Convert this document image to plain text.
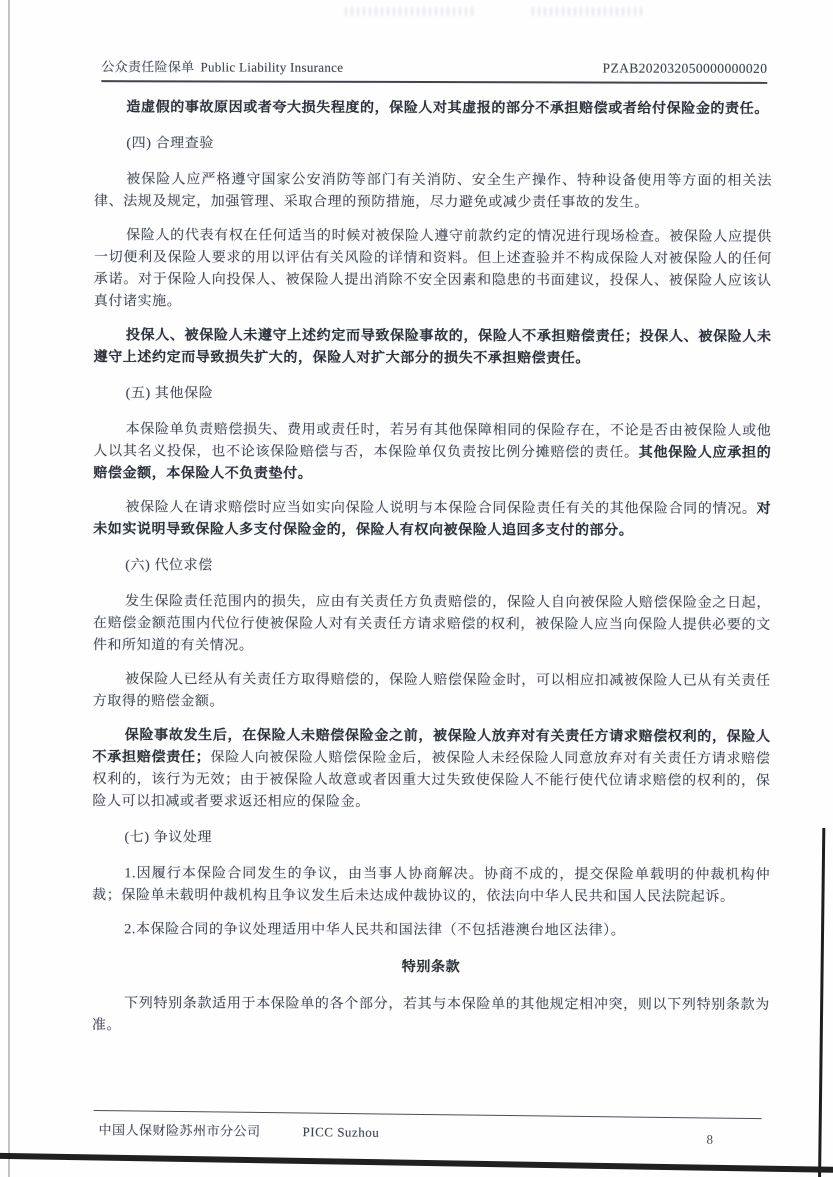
公众责任险保单 Public Liability Insurance	PZAB202032050000000020
造虚假的事故原因或者夸大损失程度的，保险人对其虚报的部分不承担赔偿或者给付保险金的责任。
(四) 合理查验
被保险人应严格遵守国家公安消防等部门有关消防、安全生产操作、特种设备使用等方面的相关法律、法规及规定，加强管理、采取合理的预防措施，尽力避免或减少责任事故的发生。
保险人的代表有权在任何适当的时候对被保险人遵守前款约定的情况进行现场检查。被保险人应提供一切便利及保险人要求的用以评估有关风险的详情和资料。但上述查验并不构成保险人对被保险人的任何承诺。对于保险人向投保人、被保险人提出消除不安全因素和隐患的书面建议，投保人、被保险人应该认真付诸实施。
投保人、被保险人未遵守上述约定而导致保险事故的，保险人不承担赔偿责任；投保人、被保险人未遵守上述约定而导致损失扩大的，保险人对扩大部分的损失不承担赔偿责任。
(五) 其他保险
本保险单负责赔偿损失、费用或责任时，若另有其他保障相同的保险存在，不论是否由被保险人或他人以其名义投保，也不论该保险赔偿与否，本保险单仅负责按比例分摊赔偿的责任。其他保险人应承担的赔偿金额，本保险人不负责垫付。
被保险人在请求赔偿时应当如实向保险人说明与本保险合同保险责任有关的其他保险合同的情况。对未如实说明导致保险人多支付保险金的，保险人有权向被保险人追回多支付的部分。
(六) 代位求偿
发生保险责任范围内的损失，应由有关责任方负责赔偿的，保险人自向被保险人赔偿保险金之日起，在赔偿金额范围内代位行使被保险人对有关责任方请求赔偿的权利，被保险人应当向保险人提供必要的文件和所知道的有关情况。
被保险人已经从有关责任方取得赔偿的，保险人赔偿保险金时，可以相应扣减被保险人已从有关责任方取得的赔偿金额。
保险事故发生后，在保险人未赔偿保险金之前，被保险人放弃对有关责任方请求赔偿权利的，保险人不承担赔偿责任；保险人向被保险人赔偿保险金后，被保险人未经保险人同意放弃对有关责任方请求赔偿权利的，该行为无效；由于被保险人故意或者因重大过失致使保险人不能行使代位请求赔偿的权利的，保险人可以扣减或者要求返还相应的保险金。
(七) 争议处理
1.因履行本保险合同发生的争议，由当事人协商解决。协商不成的，提交保险单载明的仲裁机构仲裁；保险单未载明仲裁机构且争议发生后未达成仲裁协议的，依法向中华人民共和国人民法院起诉。
2.本保险合同的争议处理适用中华人民共和国法律（不包括港澳台地区法律）。
特别条款
下列特别条款适用于本保险单的各个部分，若其与本保险单的其他规定相冲突，则以下列特别条款为准。
中国人保财险苏州市分公司	PICC Suzhou	8
